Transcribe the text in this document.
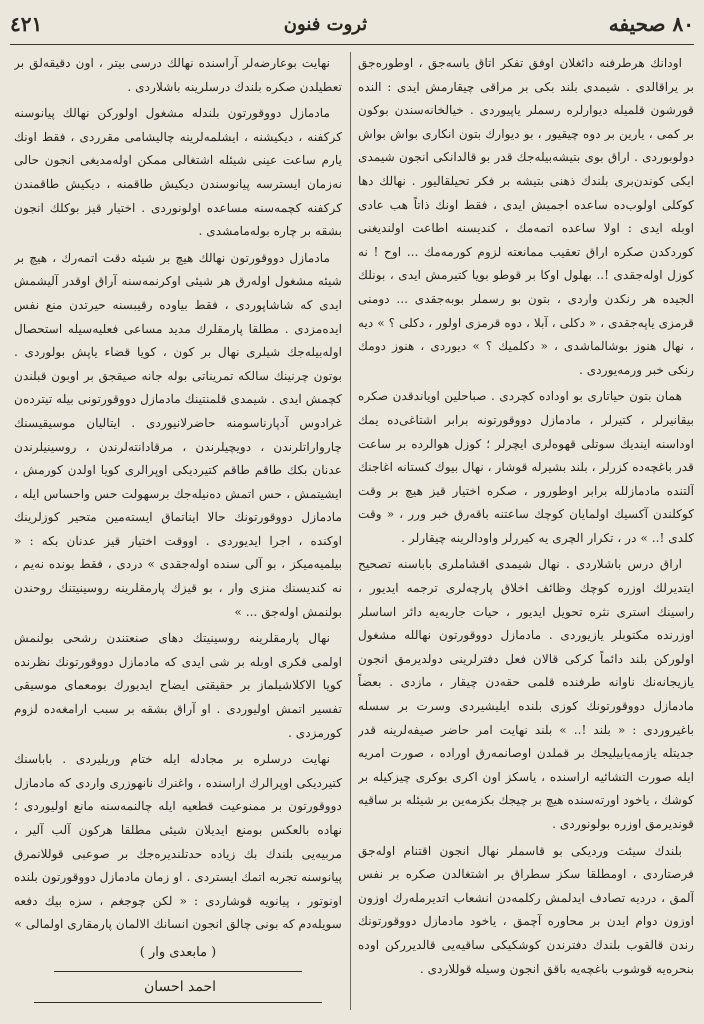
٤٢١	ثروت فنون	٨٠ صحیفه

اودانك هرطرفنه دائغلان اوفق تفکر اتاق یاسه‌جق ، اوطوره‌جق بر یراقالدی . شیمدی بلند بکی بر مراقی چیقارمش ایدی : النده قورشون قلمیله دیوارلره رسملر یاپیوردی . خیالخانه‌سندن بوکون بر کمی ، یارین بر دوه چیقیور ، بو دیوارك بتون انکاری بواش بواش دولوبوردی . اراق بوی بتیشه‌بیله‌جك قدر بو قالدانکی انجون شیمدی ایکی کوندن‌بری بلندك ذهنی بتیشه بر فکر تحیلقالیور . نهالك دها کوکلی اولوب‌ده ساعده اجمیش ایدی ، فقط اونك ذاتاً هب عادی اوبله ایدی : اولا ساعده اتمه‌مك ، کندیسنه اطاعت اولندیغنی کوردکدن صکره اراق تعقیب ممانعته لزوم کورمه‌مك ... اوح ! نه کوزل اوله‌جقدی !.. بهلول اوکا بر قوطو بویا کتیرمش ایدی ، بونلك الجیده هر رنکدن واردی ، بتون بو رسملر بوبه‌جقدی ... دومنی قرمزی یاپه‌جقدی ، « دکلی ، آبلا ، دوه قرمزی اولور ، دکلی ؟ » دیه ، نهال هنوز بوشالماشدی ، « دکلمیك ؟ » دیوردی ، هنوز دومك رنکی خبر ورمه‌یوردی .

همان بتون حیاتاری بو اوداده کچردی . صباحلین اویاندقدن صکره بیقانیرلر ، کتیرلر ، مادمازل دووقورتونه برابر اشتاغی‌ده یمك اوداسنه ایندیك سوتلی قهوه‌لری ایچرلر ؛ کوزل هوالرده بر ساعت قدر باغچه‌ده کزرلر ، بلند بشیرله قوشار ، نهال بیوك کستانه اغاجنك آلتنده مادمازلله برابر اوطورور ، صکره اختیار قیز هیچ بر وقت کوکلندن آکسیك اولمایان کوچك ساعتنه باقه‌رق خبر ورر ، « وقت کلدی !.. » در ، تکرار الچری یه کیررلر واودالرینه چیقارلر .

اراق درس باشلاردی . نهال شیمدی اقشاملری باباسنه تصحیح ایتدیرلك اوزره کوچك وظائف اخلاق پارچه‌لری ترجمه ایدیور ، راسینك استری نثره تحویل ایدیور ، حیات جاریه‌یه دائر اساسلر اوزرنده مکتوبلر یازیوردی . مادمازل دووقورتون نهالله مشغول اولورکن بلند دائماً کرکی قالان فعل دفترلرینی دولدیرمق انجون یازیجانه‌نك ناوانه طرفنده قلمی حقه‌دن چیقار ، مازدی . بعضاً مادمازل دووقورتونك کوزی بلنده ایلیشیردی وسرت بر سسله باغیروردی : « بلند !.. » بلند نهایت امر حاضر صیفه‌لرینه قدر جدیتله یازمه‌یابیلیجك بر قملدن اوصانمه‌رق اوراده ، صورت امریه ایله صورت التشائیه اراسنده ، یاسکز اون اکری بوکری چیزکیله بر کوشك ، یاخود اورته‌سنده هیچ بر چیجك بکزمه‌ین بر شیئله بر ساقیه قوندیرمق اوزره بولونوردی .

بلندك سیئت وردیکی بو قاسملر نهال انجون اقتنام اوله‌جق فرصتاردی ، اومطلقا سکز سطراق بر اشتغالدن صکره بر نفس آلمق ، دردیه تصادف ایدلمش رکلمه‌دن انشعاب اتدیرمله‌رك اوزون اوزون دوام ایدن بر محاوره آچمق ، یاخود مادمازل دووقورتونك رندن قالقوب بلندك دفترندن کوشکیکی ساقیه‌یی قالدیررکن اوده بنحره‌یه قوشوب باغچه‌یه باقق انجون وسیله قوللاردی .

نهایت بوعارضه‌لر آراسنده نهالك درسی بیتر ، اون دقیقه‌لق بر تعطیلدن صکره بلندك درسلرینه باشلاردی .

مادمازل دووقورتون بلندله مشغول اولورکن نهالك پیانوسنه کرکفنه ، دیکیشنه ، ایشلمه‌لرینه چالیشامی مقرردی ، فقط اونك یارم ساعت عینی شیئله اشتغالی ممکن اوله‌مدیغی انجون حالی نه‌زمان ایسترسه پیانوسندن دیکیش طاقمنه ، دیکیش طاقمندن کرکفنه کچمه‌سنه مساعده اولونوردی . اختیار قیز بوکلك انجون بشقه بر چاره بوله‌مامشدی .

مادمازل دووقورتون نهالك هیچ بر شیئه دقت اتمه‌رك ، هیچ بر شیئه مشغول اوله‌رق هر شیئی اوکرنمه‌سنه آراق اوقدر آلیشمش ایدی که شاشاپوردی ، فقط بیاوده رقیبسنه حیرتدن منع نفس ایده‌مزدی . مطلقا پارمقلرك مدید مساعی فعلیه‌سیله استحصال اوله‌بیله‌جك شیلری نهال بر کون ، کویا قضاء یاپش بولوردی . بوتون چرنینك سالكه تمریناتی بوله جانه صیقجق بر اوبون قبلندن کچمش ایدی . شیمدی قلمنتینك مادمازل دووقورتونی بیله تیترده‌ن غرادوس آدپارناسومنه حاضرلانیوردی . ایتالیان موسیقیسنك چارواراتلرندن ، دویچیلرندن ، مرقادانته‌لرندن ، روسینیلرندن عدنان بکك طاقم طاقم کتیردیکی اوپرالری کویا اولدن کورمش ، ایشیتمش ، حس اتمش ده‌نیله‌جك برسهولت حس واحساس ایله ، مادمازل دووقورتونك حالا ایناتماق ایسته‌مین متحیر کوزلرینك اوکنده ، اجرا ایدیوردی . اووقت اختیار قیز عدنان بکه : « بیلمیه‌میکز ، بو آلی سنده اوله‌جقدی » دردی ، فقط بونده نه‌یم ، نه کندیسنك منزی وار ، بو قیزك پارمقلرینه روسینیتنك روحندن بولنمش اوله‌جق ... »

نهال پارمقلرینه روسینیتك دهای صنعتندن رشحی بولنمش اولمی فکری اوبله بر شی ایدی که مادمازل دووقورتونك نظرنده کویا الاکلاشیلماز بر حقیقتی ایضاح ایدیورك بومعمای موسیقی تفسیر اتمش اولیوردی . او آراق بشقه بر سبب ارامغه‌ده لزوم کورمزدی .

نهایت درسلره بر مجادله ایله ختام وریلیردی . باباسنك کتیردیکی اوپرالرك اراسنده ، واغنرك نانهوزری واردی که مادمازل دووقورتون بر ممنوعیت قطعیه ایله چالنمه‌سنه مانع اولیوردی ؛ نهاده بالعکس بومنع ایدیلان شیئی مطلقا هرکون آلب آلیر ، مربیه‌یی بلندك بك زیاده حدتلندیره‌جك بر صوعبی قوللانمرق پیانوسنه تجربه اتمك ایستردی . او زمان مادمازل دووقورتون بلنده اونوتور ، پیانویه قوشاردی : « لکن چوجغم ، سزه بیك دفعه سویله‌دم که بونی چالق انجون انسانك الالمان پارمقاری اولمالی »

( مابعدی وار )
احمد احسان
